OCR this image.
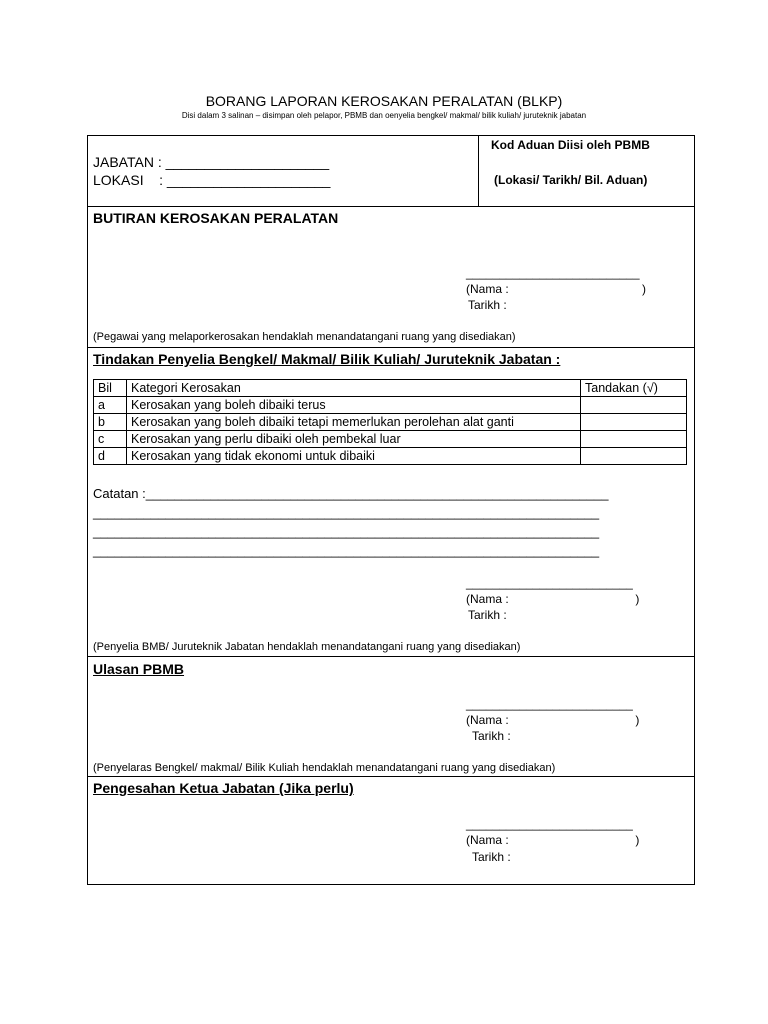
BORANG LAPORAN KEROSAKAN PERALATAN (BLKP)
Disi dalam 3 salinan – disimpan oleh pelapor, PBMB dan oenyelia bengkel/ makmal/ bilik kuliah/ juruteknik jabatan
JABATAN : _____________________
LOKASI    : _____________________
Kod Aduan Diisi oleh PBMB
(Lokasi/ Tarikh/ Bil. Aduan)
BUTIRAN KEROSAKAN PERALATAN
__________________________
(Nama :                                        )
Tarikh :
(Pegawai yang melaporkerosakan hendaklah menandatangani ruang yang disediakan)
Tindakan Penyelia Bengkel/ Makmal/ Bilik Kuliah/ Juruteknik Jabatan :
Bil	Kategori Kerosakan	Tandakan (√)
a	Kerosakan yang boleh dibaiki terus	
b	Kerosakan yang boleh dibaiki tetapi memerlukan perolehan alat ganti	
c	Kerosakan yang perlu dibaiki oleh pembekal luar	
d	Kerosakan yang tidak ekonomi untuk dibaiki	
Catatan :________________________________________________________________
______________________________________________________________________
______________________________________________________________________
______________________________________________________________________
_________________________
(Nama :                                      )
Tarikh :
(Penyelia BMB/ Juruteknik Jabatan hendaklah menandatangani ruang yang disediakan)
Ulasan PBMB
_________________________
(Nama :                                      )
Tarikh :
(Penyelaras Bengkel/ makmal/ Bilik Kuliah hendaklah menandatangani ruang yang disediakan)
Pengesahan Ketua Jabatan (Jika perlu)
_________________________
(Nama :                                      )
Tarikh :
